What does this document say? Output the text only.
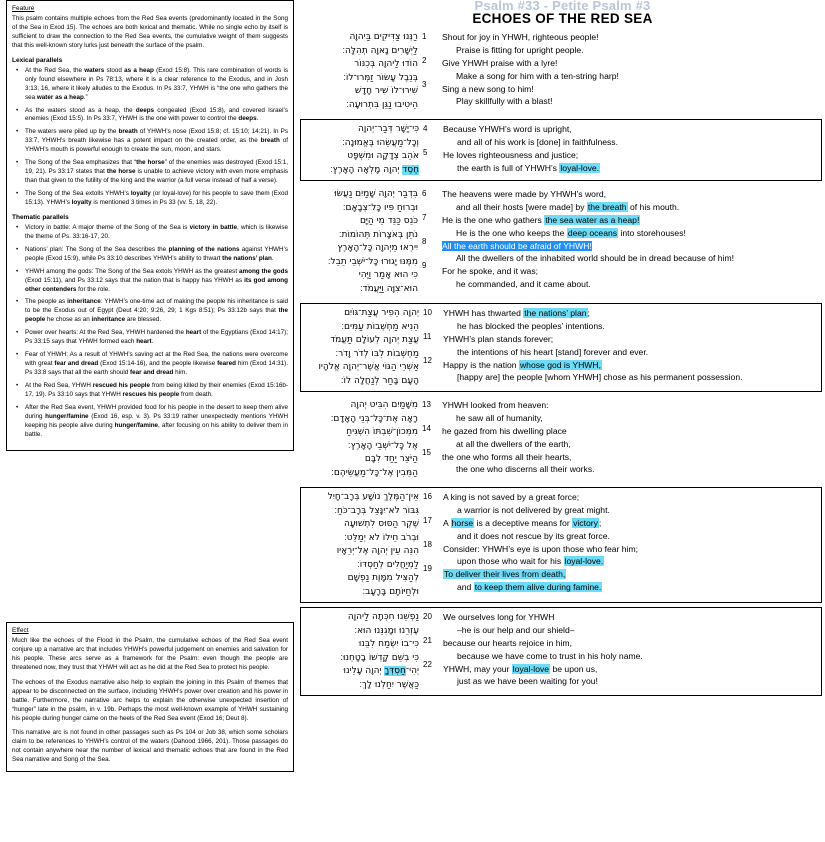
Psalm #33 - Petite Psalm #3
ECHOES OF THE RED SEA
Feature

This psalm contains multiple echoes from the Red Sea events (predominantly located in the Song of the Sea in Exod 15). The echoes are both lexical and thematic. While no single echo by itself is sufficient to draw the connection to the Red Sea events, the cumulative weight of them suggests that this well-known story lurks just beneath the surface of the psalm.

Lexical parallels
• At the Red Sea, the waters stood as a heap (Exod 15:8). This rare combination of words is only found elsewhere in Ps 78:13, where it is a clear reference to the Exodus, and in Josh 3:13, 16, where it likely alludes to the Exodus. In Ps 33:7, YHWH is “the one who gathers the sea water as a heap.”
• As the waters stood as a heap, the deeps congealed (Exod 15:8), and covered Israel’s enemies (Exod 15:5). In Ps 33:7, YHWH is the one with power to control the deeps.
• The waters were piled up by the breath of YHWH’s nose (Exod 15:8; cf. 15:10; 14:21). In Ps 33:7, YHWH’s breath likewise has a potent impact on the created order, as the breath of YHWH’s mouth is powerful enough to create the sun, moon, and stars.
• The Song of the Sea emphasizes that “the horse” of the enemies was destroyed (Exod 15:1, 19, 21). Ps 33:17 states that the horse is unable to achieve victory with even more emphasis than that given to the futility of the king and the warrior (a full verse instead of half a verse).
• The Song of the Sea extolls YHWH’s loyalty (or loyal-love) for his people to save them (Exod 15:13). YHWH’s loyalty is mentioned 3 times in Ps 33 (vv. 5, 18, 22).
Thematic parallels
• Victory in battle: A major theme of the Song of the Sea is victory in battle, which is likewise the theme of Ps. 33:16-17, 20.
• Nations’ plan: The Song of the Sea describes the planning of the nations against YHWH’s people (Exod 15:9), while Ps 33:10 describes YHWH’s ability to thwart the nations’ plan.
• YHWH among the gods: The Song of the Sea extols YHWH as the greatest among the gods (Exod 15:11), and Ps 33:12 says that the nation that is happy has YHWH as its god among other contenders for the role.
• The people as inheritance: YHWH’s one-time act of making the people his inheritance is said to be the Exodus out of Egypt (Deut 4:20; 9:26, 29; 1 Kgs 8:51); Ps 33:12b says that the people he chose as an inheritance are blessed.
• Power over hearts: At the Red Sea, YHWH hardened the heart of the Egyptians (Exod 14:17); Ps 33:15 says that YHWH formed each heart.
• Fear of YHWH: As a result of YHWH’s saving act at the Red Sea, the nations were overcome with great fear and dread (Exod 15:14-16), and the people likewise feared him (Exod 14:31). Ps 33:8 says that all the earth should fear and dread him.
• At the Red Sea, YHWH rescued his people from being killed by their enemies (Exod 15:16b-17, 19). Ps 33:10 says that YHWH rescues his people from death.
• After the Red Sea event, YHWH provided food for his people in the desert to keep them alive during hunger/famine (Exod 16, esp. v. 3). Ps 33:19 rather unexpectedly mentions YHWH keeping his people alive during hunger/famine, after focusing on his ability to deliver them in battle.
Effect

Much like the echoes of the Flood in the Psalm, the cumulative echoes of the Red Sea event conjure up a narrative arc that includes YHWH’s powerful judgement on enemies and salvation for his people. These arcs serve as a framework for the Psalm: even though the people are threatened now, they trust that YHWH will act as he did at the Red Sea to protect his people.

The echoes of the Exodus narrative also help to explain the joining in this Psalm of themes that appear to be disconnected on the surface, including YHWH’s power over creation and his power in battle. Furthermore, the narrative arc helps to explain the otherwise unexpected insertion of “hunger” late in the psalm, in v. 19b. Perhaps the most well-known example of YHWH sustaining his people during hunger came on the heels of the Red Sea event (Exod 16; Deut 8).

This narrative arc is not found in other passages such as Ps 104 or Job 38, which some scholars claim to be references to YHWH’s control of the waters (Dahood 1966, 201). Those passages do not contain anywhere near the number of lexical and thematic echoes that are found in the Red Sea narrative and Song of the Sea.

רַנְּנוּ צַדִּיקִים בַּיהוָה
לַיְשָׁרִים נָאוָה תְהִלָּה׃
הוֹדוּ לַיהוָה בְּכִנּוֹר
בְּנֵבֶל עָשׂוֹר זַמְּרוּ־לוֹ׃
שִׁירוּ־לוֹ שִׁיר חָדָשׁ
הֵיטִיבוּ נַגֵּן בִּתְרוּעָה׃
1

2

3

Shout for joy in YHWH, righteous people!
Praise is fitting for upright people.
Give YHWH praise with a lyre!
Make a song for him with a ten-string harp!
Sing a new song to him!
Play skillfully with a blast!
כִּי־יָשָׁר דְּבַר־יְהוָה
וְכָל־מַעֲשֵׂהוּ בֶּאֱמוּנָה׃
אֹהֵב צְדָקָה וּמִשְׁפָּט
חֶסֶד יְהוָה מָלְאָה הָאָרֶץ׃
4

5

Because YHWH’s word is upright,
and all of his work is [done] in faithfulness.
He loves righteousness and justice;
the earth is full of YHWH’s loyal-love.
בִּדְבַר יְהוָה שָׁמַיִם נַעֲשׂוּ
וּבְרוּחַ פִּיו כָּל־צְבָאָם׃
כֹּנֵס כַּנֵּד מֵי הַיָּם
נֹתֵן בְּאֹצָרוֹת תְּהוֹמוֹת׃
יִירְאוּ מֵיְהוָה כָּל־הָאָרֶץ
מִמֶּנּוּ יָגוּרוּ כָּל־יֹשְׁבֵי תֵבֵל׃
כִּי הוּא אָמַר וַיֶּהִי
הוּא־צִוָּה וַיַּעֲמֹד׃
6

7

8

9

The heavens were made by YHWH’s word,
and all their hosts [were made] by the breath of his mouth.
He is the one who gathers the sea water as a heap!
He is the one who keeps the deep oceans into storehouses!
All the earth should be afraid of YHWH!
All the dwellers of the inhabited world should be in dread because of him!
For he spoke, and it was;
he commanded, and it came about.
יְהוָה הֵפִיר עֲצַת־גּוֹיִם
הֵנִיא מַחְשְׁבוֹת עַמִּים׃
עֲצַת יְהוָה לְעוֹלָם תַּעֲמֹד
מַחְשְׁבוֹת לִבּוֹ לְדֹר וָדֹר׃
אַשְׁרֵי הַגּוֹי אֲשֶׁר־יְהוָה אֱלֹהָיו
הָעָם בָּחַר לְנַחֲלָה לוֹ׃
10

11

12

YHWH has thwarted the nations’ plan;
he has blocked the peoples’ intentions.
YHWH’s plan stands forever;
the intentions of his heart [stand] forever and ever.
Happy is the nation whose god is YHWH,
[happy are] the people [whom YHWH] chose as his permanent possession.
מִשָּׁמַיִם הִבִּיט יְהוָה
רָאָה אֶת־כָּל־בְּנֵי הָאָדָם׃
מִמְּכוֹן־שִׁבְתּוֹ הִשְׁגִּיחַ
אֶל כָּל־יֹשְׁבֵי הָאָרֶץ׃
הַיֹּצֵר יַחַד לִבָּם
הַמֵּבִין אֶל־כָּל־מַעֲשֵׂיהֶם׃
13

14

15

YHWH looked from heaven:
he saw all of humanity,
he gazed from his dwelling place
at all the dwellers of the earth,
the one who forms all their hearts,
the one who discerns all their works.
אֵין־הַמֶּלֶךְ נוֹשָׁע בְּרָב־חָיִל
גִּבּוֹר לֹא־יִנָּצֵל בְּרָב־כֹּחַ׃
שֶׁקֶר הַסּוּס לִתְשׁוּעָה
וּבְרֹב חֵילוֹ לֹא יְמַלֵּט׃
הִנֵּה עֵין יְהוָה אֶל־יְרֵאָיו
לַמְיַחֲלִים לְחַסְדּוֹ׃
לְהַצִּיל מִמָּוֶת נַפְשָׁם
וּלְחַיּוֹתָם בָּרָעָב׃
16

17

18

19

A king is not saved by a great force;
a warrior is not delivered by great might.
A horse is a deceptive means for victory;
and it does not rescue by its great force.
Consider: YHWH’s eye is upon those who fear him;
upon those who wait for his loyal-love.
To deliver their lives from death,
and to keep them alive during famine.
נַפְשֵׁנוּ חִכְּתָה לַיהוָה
עֶזְרֵנוּ וּמָגִנֵּנוּ הוּא׃
כִּי־בוֹ יִשְׂמַח לִבֵּנוּ
כִּי בְשֵׁם קָדְשׁוֹ בָטָחְנוּ׃
יְהִי־חַסְדְּךָ יְהוָה עָלֵינוּ
כַּאֲשֶׁר יִחַלְנוּ לָךְ׃
20

21

22

We ourselves long for YHWH
–he is our help and our shield–
because our hearts rejoice in him,
because we have come to trust in his holy name.
YHWH, may your loyal-love be upon us,
just as we have been waiting for you!
